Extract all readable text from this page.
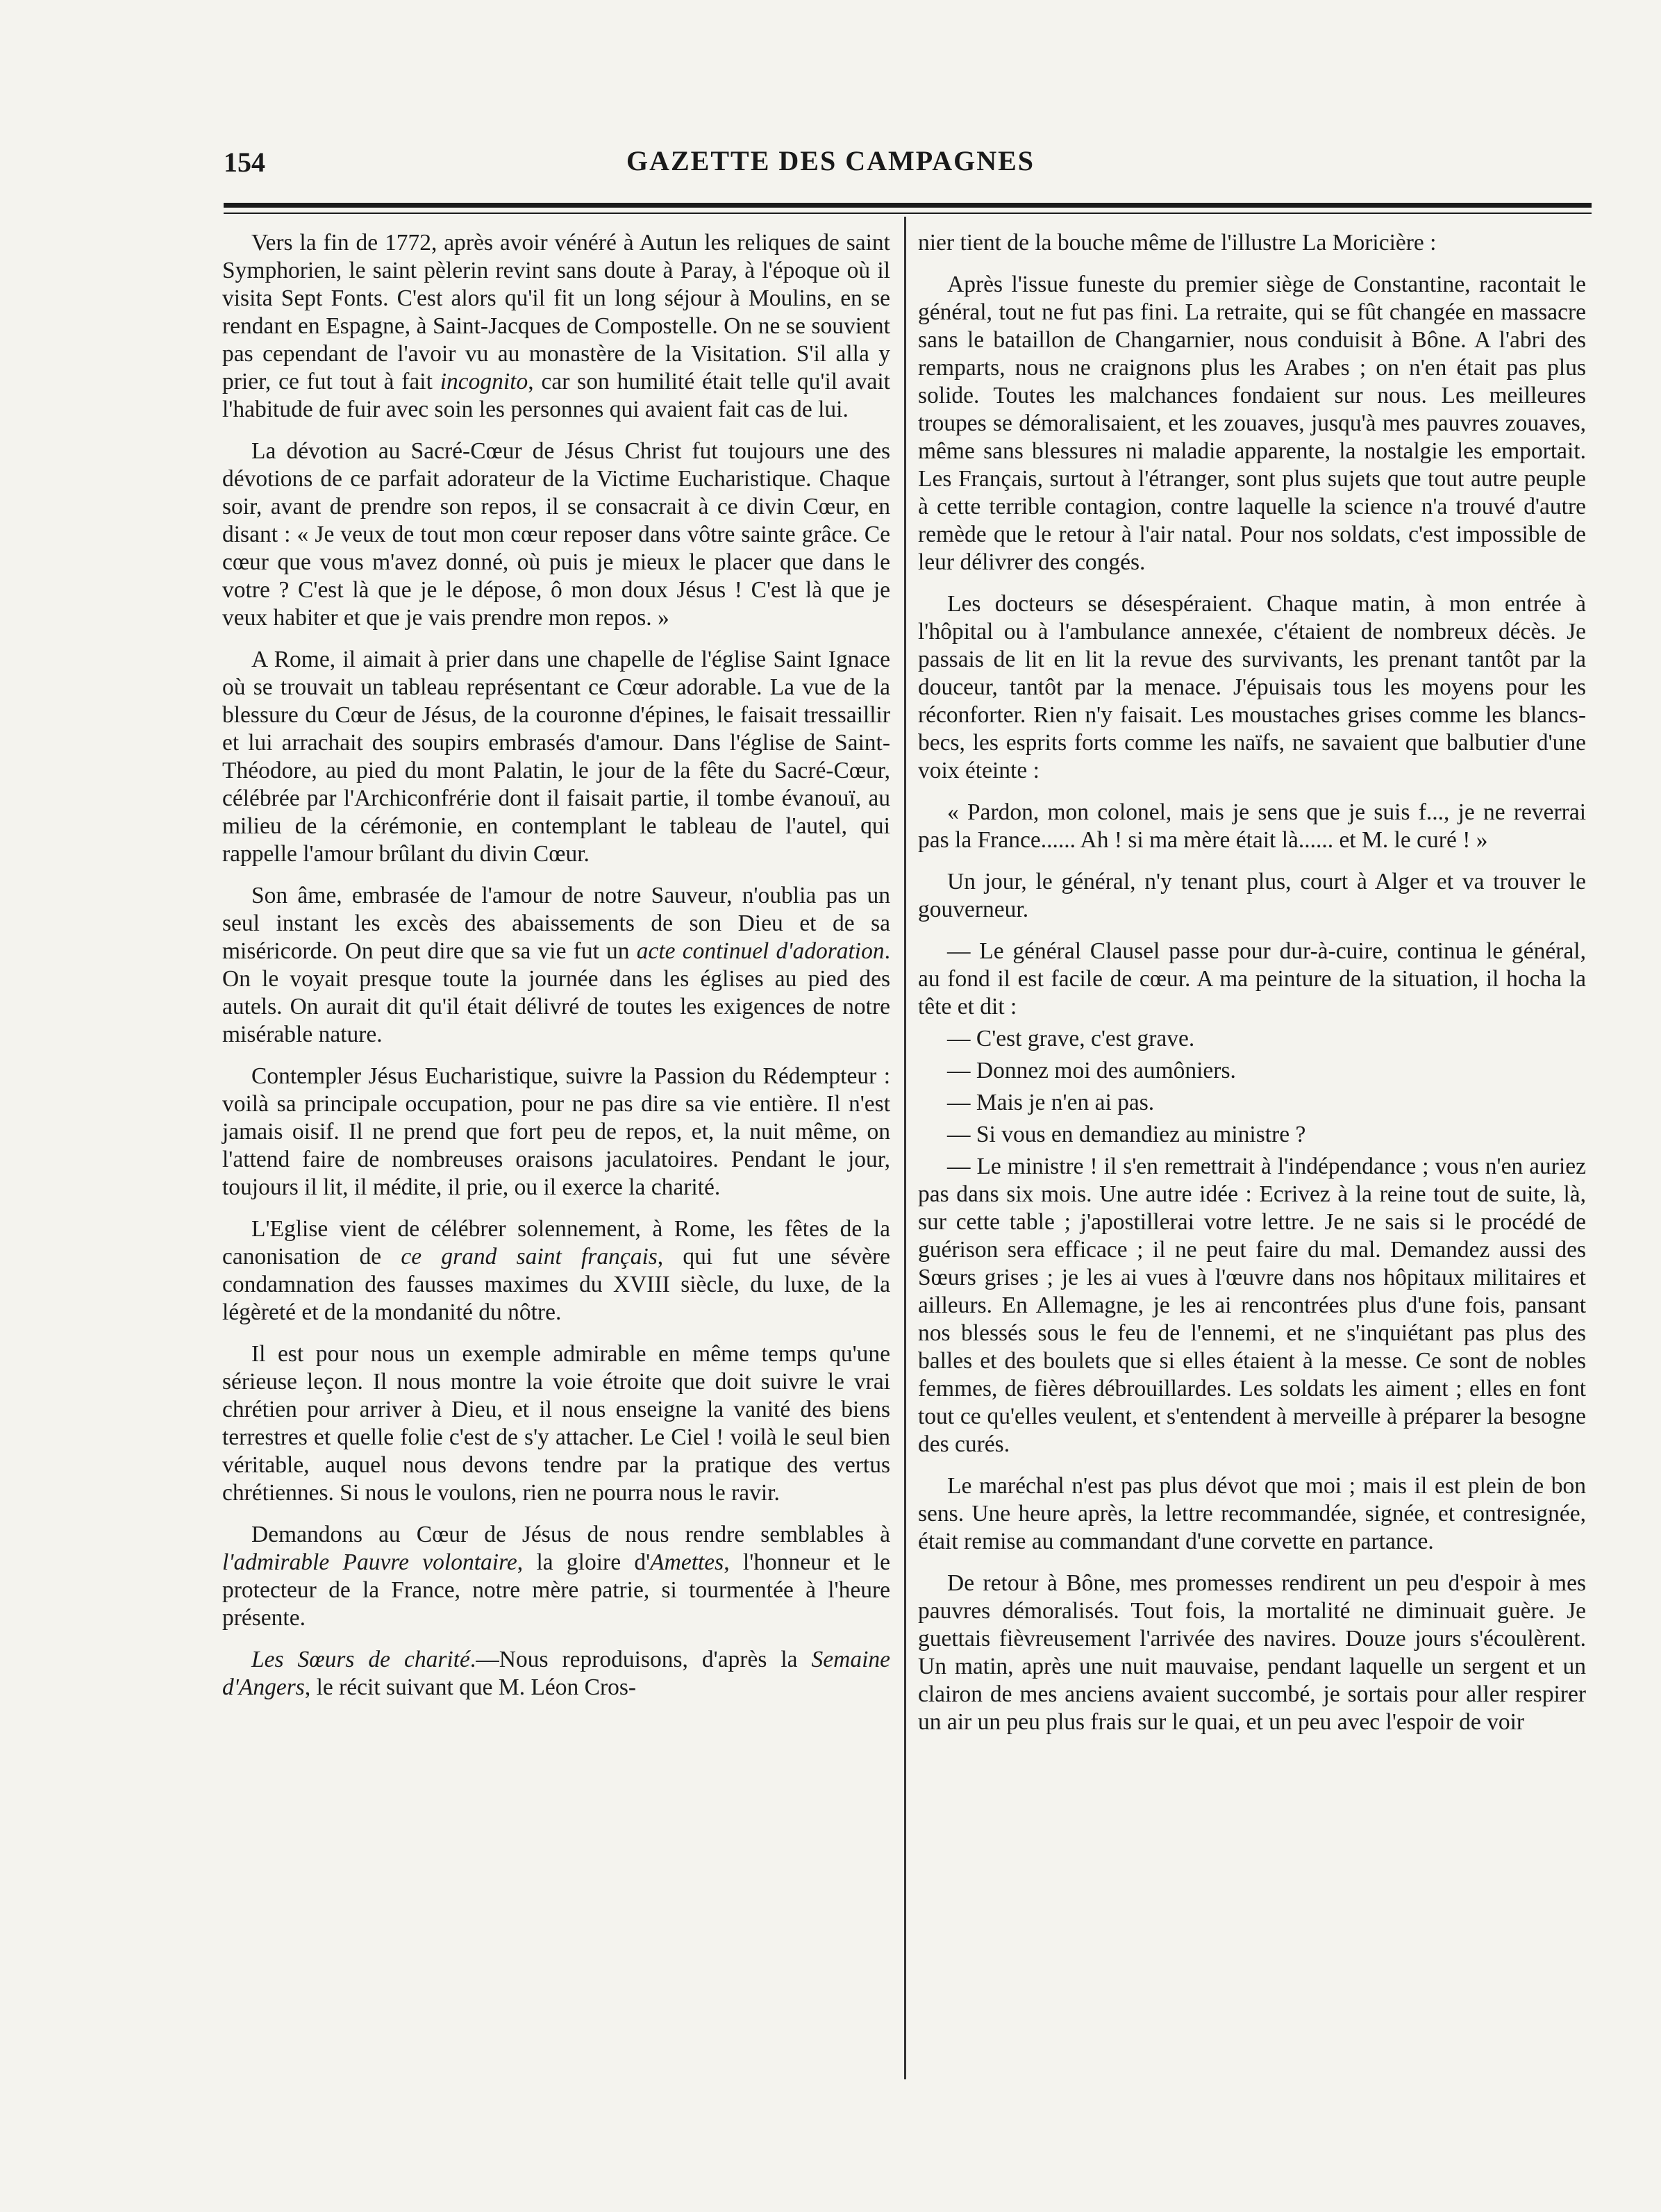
154	GAZETTE DES CAMPAGNES

Vers la fin de 1772, après avoir vénéré à Autun les reliques de saint Symphorien, le saint pèlerin revint sans doute à Paray, à l'époque où il visita Sept Fonts. C'est alors qu'il fit un long séjour à Moulins, en se rendant en Espagne, à Saint-Jacques de Compostelle. On ne se souvient pas cependant de l'avoir vu au monastère de la Visitation. S'il alla y prier, ce fut tout à fait incognito, car son humilité était telle qu'il avait l'habitude de fuir avec soin les personnes qui avaient fait cas de lui.

La dévotion au Sacré-Cœur de Jésus Christ fut toujours une des dévotions de ce parfait adorateur de la Victime Eucharistique. Chaque soir, avant de prendre son repos, il se consacrait à ce divin Cœur, en disant : « Je veux de tout mon cœur reposer dans vôtre sainte grâce. Ce cœur que vous m'avez donné, où puis je mieux le placer que dans le votre ? C'est là que je le dépose, ô mon doux Jésus ! C'est là que je veux habiter et que je vais prendre mon repos. »

A Rome, il aimait à prier dans une chapelle de l'église Saint Ignace où se trouvait un tableau représentant ce Cœur adorable. La vue de la blessure du Cœur de Jésus, de la couronne d'épines, le faisait tressaillir et lui arrachait des soupirs embrasés d'amour. Dans l'église de Saint-Théodore, au pied du mont Palatin, le jour de la fête du Sacré-Cœur, célébrée par l'Archiconfrérie dont il faisait partie, il tombe évanouï, au milieu de la cérémonie, en contemplant le tableau de l'autel, qui rappelle l'amour brûlant du divin Cœur.

Son âme, embrasée de l'amour de notre Sauveur, n'oublia pas un seul instant les excès des abaissements de son Dieu et de sa miséricorde. On peut dire que sa vie fut un acte continuel d'adoration. On le voyait presque toute la journée dans les églises au pied des autels. On aurait dit qu'il était délivré de toutes les exigences de notre misérable nature.

Contempler Jésus Eucharistique, suivre la Passion du Rédempteur : voilà sa principale occupation, pour ne pas dire sa vie entière. Il n'est jamais oisif. Il ne prend que fort peu de repos, et, la nuit même, on l'attend faire de nombreuses oraisons jaculatoires. Pendant le jour, toujours il lit, il médite, il prie, ou il exerce la charité.

L'Eglise vient de célébrer solennement, à Rome, les fêtes de la canonisation de ce grand saint français, qui fut une sévère condamnation des fausses maximes du XVIII siècle, du luxe, de la légèreté et de la mondanité du nôtre.

Il est pour nous un exemple admirable en même temps qu'une sérieuse leçon. Il nous montre la voie étroite que doit suivre le vrai chrétien pour arriver à Dieu, et il nous enseigne la vanité des biens terrestres et quelle folie c'est de s'y attacher. Le Ciel ! voilà le seul bien véritable, auquel nous devons tendre par la pratique des vertus chrétiennes. Si nous le voulons, rien ne pourra nous le ravir.

Demandons au Cœur de Jésus de nous rendre semblables à l'admirable Pauvre volontaire, la gloire d'Amettes, l'honneur et le protecteur de la France, notre mère patrie, si tourmentée à l'heure présente.

Les Sœurs de charité.—Nous reproduisons, d'après la Semaine d'Angers, le récit suivant que M. Léon Cros-

nier tient de la bouche même de l'illustre La Moricière :

Après l'issue funeste du premier siège de Constantine, racontait le général, tout ne fut pas fini. La retraite, qui se fût changée en massacre sans le bataillon de Changarnier, nous conduisit à Bône. A l'abri des remparts, nous ne craignons plus les Arabes ; on n'en était pas plus solide. Toutes les malchances fondaient sur nous. Les meilleures troupes se démoralisaient, et les zouaves, jusqu'à mes pauvres zouaves, même sans blessures ni maladie apparente, la nostalgie les emportait. Les Français, surtout à l'étranger, sont plus sujets que tout autre peuple à cette terrible contagion, contre laquelle la science n'a trouvé d'autre remède que le retour à l'air natal. Pour nos soldats, c'est impossible de leur délivrer des congés.

Les docteurs se désespéraient. Chaque matin, à mon entrée à l'hôpital ou à l'ambulance annexée, c'étaient de nombreux décès. Je passais de lit en lit la revue des survivants, les prenant tantôt par la douceur, tantôt par la menace. J'épuisais tous les moyens pour les réconforter. Rien n'y faisait. Les moustaches grises comme les blancs-becs, les esprits forts comme les naïfs, ne savaient que balbutier d'une voix éteinte :

« Pardon, mon colonel, mais je sens que je suis f..., je ne reverrai pas la France...... Ah ! si ma mère était là...... et M. le curé ! »

Un jour, le général, n'y tenant plus, court à Alger et va trouver le gouverneur.

— Le général Clausel passe pour dur-à-cuire, continua le général, au fond il est facile de cœur. A ma peinture de la situation, il hocha la tête et dit :

— C'est grave, c'est grave.

— Donnez moi des aumôniers.

— Mais je n'en ai pas.

— Si vous en demandiez au ministre ?

— Le ministre ! il s'en remettrait à l'indépendance ; vous n'en auriez pas dans six mois. Une autre idée : Ecrivez à la reine tout de suite, là, sur cette table ; j'apostillerai votre lettre. Je ne sais si le procédé de guérison sera efficace ; il ne peut faire du mal. Demandez aussi des Sœurs grises ; je les ai vues à l'œuvre dans nos hôpitaux militaires et ailleurs. En Allemagne, je les ai rencontrées plus d'une fois, pansant nos blessés sous le feu de l'ennemi, et ne s'inquiétant pas plus des balles et des boulets que si elles étaient à la messe. Ce sont de nobles femmes, de fières débrouillardes. Les soldats les aiment ; elles en font tout ce qu'elles veulent, et s'entendent à merveille à préparer la besogne des curés.

Le maréchal n'est pas plus dévot que moi ; mais il est plein de bon sens. Une heure après, la lettre recommandée, signée, et contresignée, était remise au commandant d'une corvette en partance.

De retour à Bône, mes promesses rendirent un peu d'espoir à mes pauvres démoralisés. Tout fois, la mortalité ne diminuait guère. Je guettais fièvreusement l'arrivée des navires. Douze jours s'écoulèrent. Un matin, après une nuit mauvaise, pendant laquelle un sergent et un clairon de mes anciens avaient succombé, je sortais pour aller respirer un air un peu plus frais sur le quai, et un peu avec l'espoir de voir
